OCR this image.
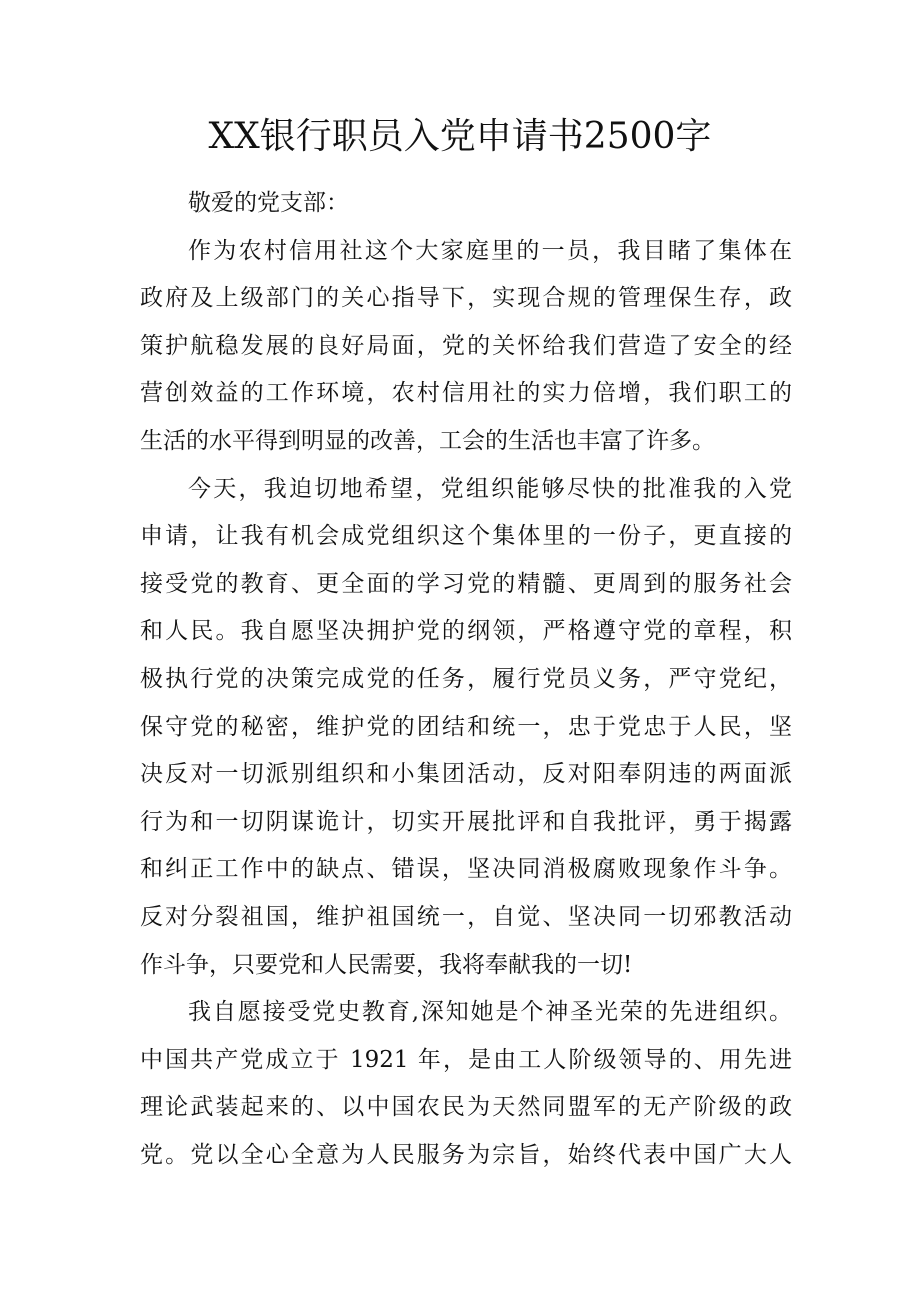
XX银行职员入党申请书2500字

敬爱的党支部：

作为农村信用社这个大家庭里的一员，我目睹了集体在

政府及上级部门的关心指导下，实现合规的管理保生存，政

策护航稳发展的良好局面，党的关怀给我们营造了安全的经

营创效益的工作环境，农村信用社的实力倍增，我们职工的

生活的水平得到明显的改善，工会的生活也丰富了许多。

今天，我迫切地希望，党组织能够尽快的批准我的入党

申请，让我有机会成党组织这个集体里的一份子，更直接的

接受党的教育、更全面的学习党的精髓、更周到的服务社会

和人民。我自愿坚决拥护党的纲领，严格遵守党的章程，积

极执行党的决策完成党的任务，履行党员义务，严守党纪，

保守党的秘密，维护党的团结和统一，忠于党忠于人民，坚

决反对一切派别组织和小集团活动，反对阳奉阴违的两面派

行为和一切阴谋诡计，切实开展批评和自我批评，勇于揭露

和纠正工作中的缺点、错误，坚决同消极腐败现象作斗争。

反对分裂祖国，维护祖国统一，自觉、坚决同一切邪教活动

作斗争，只要党和人民需要，我将奉献我的一切!

我自愿接受党史教育,深知她是个神圣光荣的先进组织。

中国共产党成立于 1921 年，是由工人阶级领导的、用先进

理论武装起来的、以中国农民为天然同盟军的无产阶级的政

党。党以全心全意为人民服务为宗旨，始终代表中国广大人
